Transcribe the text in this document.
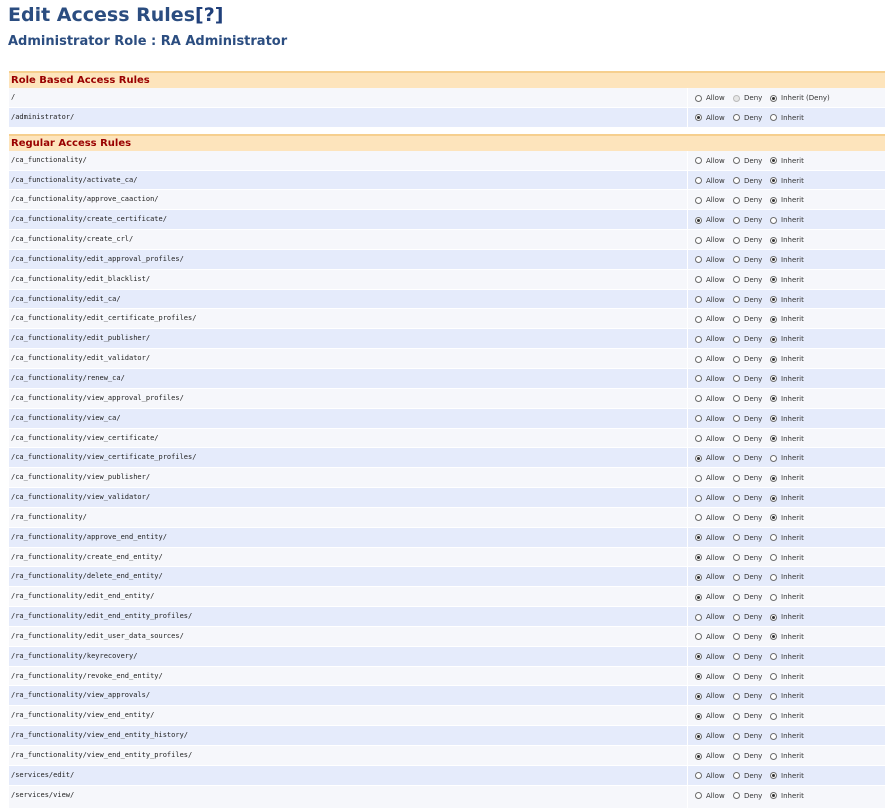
Edit Access Rules[?]
Administrator Role : RA Administrator
Role Based Access Rules
/	Allow	Deny	Inherit (Deny)
/administrator/	Allow	Deny	Inherit
Regular Access Rules
/ca_functionality/	Allow	Deny	Inherit
/ca_functionality/activate_ca/	Allow	Deny	Inherit
/ca_functionality/approve_caaction/	Allow	Deny	Inherit
/ca_functionality/create_certificate/	Allow	Deny	Inherit
/ca_functionality/create_crl/	Allow	Deny	Inherit
/ca_functionality/edit_approval_profiles/	Allow	Deny	Inherit
/ca_functionality/edit_blacklist/	Allow	Deny	Inherit
/ca_functionality/edit_ca/	Allow	Deny	Inherit
/ca_functionality/edit_certificate_profiles/	Allow	Deny	Inherit
/ca_functionality/edit_publisher/	Allow	Deny	Inherit
/ca_functionality/edit_validator/	Allow	Deny	Inherit
/ca_functionality/renew_ca/	Allow	Deny	Inherit
/ca_functionality/view_approval_profiles/	Allow	Deny	Inherit
/ca_functionality/view_ca/	Allow	Deny	Inherit
/ca_functionality/view_certificate/	Allow	Deny	Inherit
/ca_functionality/view_certificate_profiles/	Allow	Deny	Inherit
/ca_functionality/view_publisher/	Allow	Deny	Inherit
/ca_functionality/view_validator/	Allow	Deny	Inherit
/ra_functionality/	Allow	Deny	Inherit
/ra_functionality/approve_end_entity/	Allow	Deny	Inherit
/ra_functionality/create_end_entity/	Allow	Deny	Inherit
/ra_functionality/delete_end_entity/	Allow	Deny	Inherit
/ra_functionality/edit_end_entity/	Allow	Deny	Inherit
/ra_functionality/edit_end_entity_profiles/	Allow	Deny	Inherit
/ra_functionality/edit_user_data_sources/	Allow	Deny	Inherit
/ra_functionality/keyrecovery/	Allow	Deny	Inherit
/ra_functionality/revoke_end_entity/	Allow	Deny	Inherit
/ra_functionality/view_approvals/	Allow	Deny	Inherit
/ra_functionality/view_end_entity/	Allow	Deny	Inherit
/ra_functionality/view_end_entity_history/	Allow	Deny	Inherit
/ra_functionality/view_end_entity_profiles/	Allow	Deny	Inherit
/services/edit/	Allow	Deny	Inherit
/services/view/	Allow	Deny	Inherit
